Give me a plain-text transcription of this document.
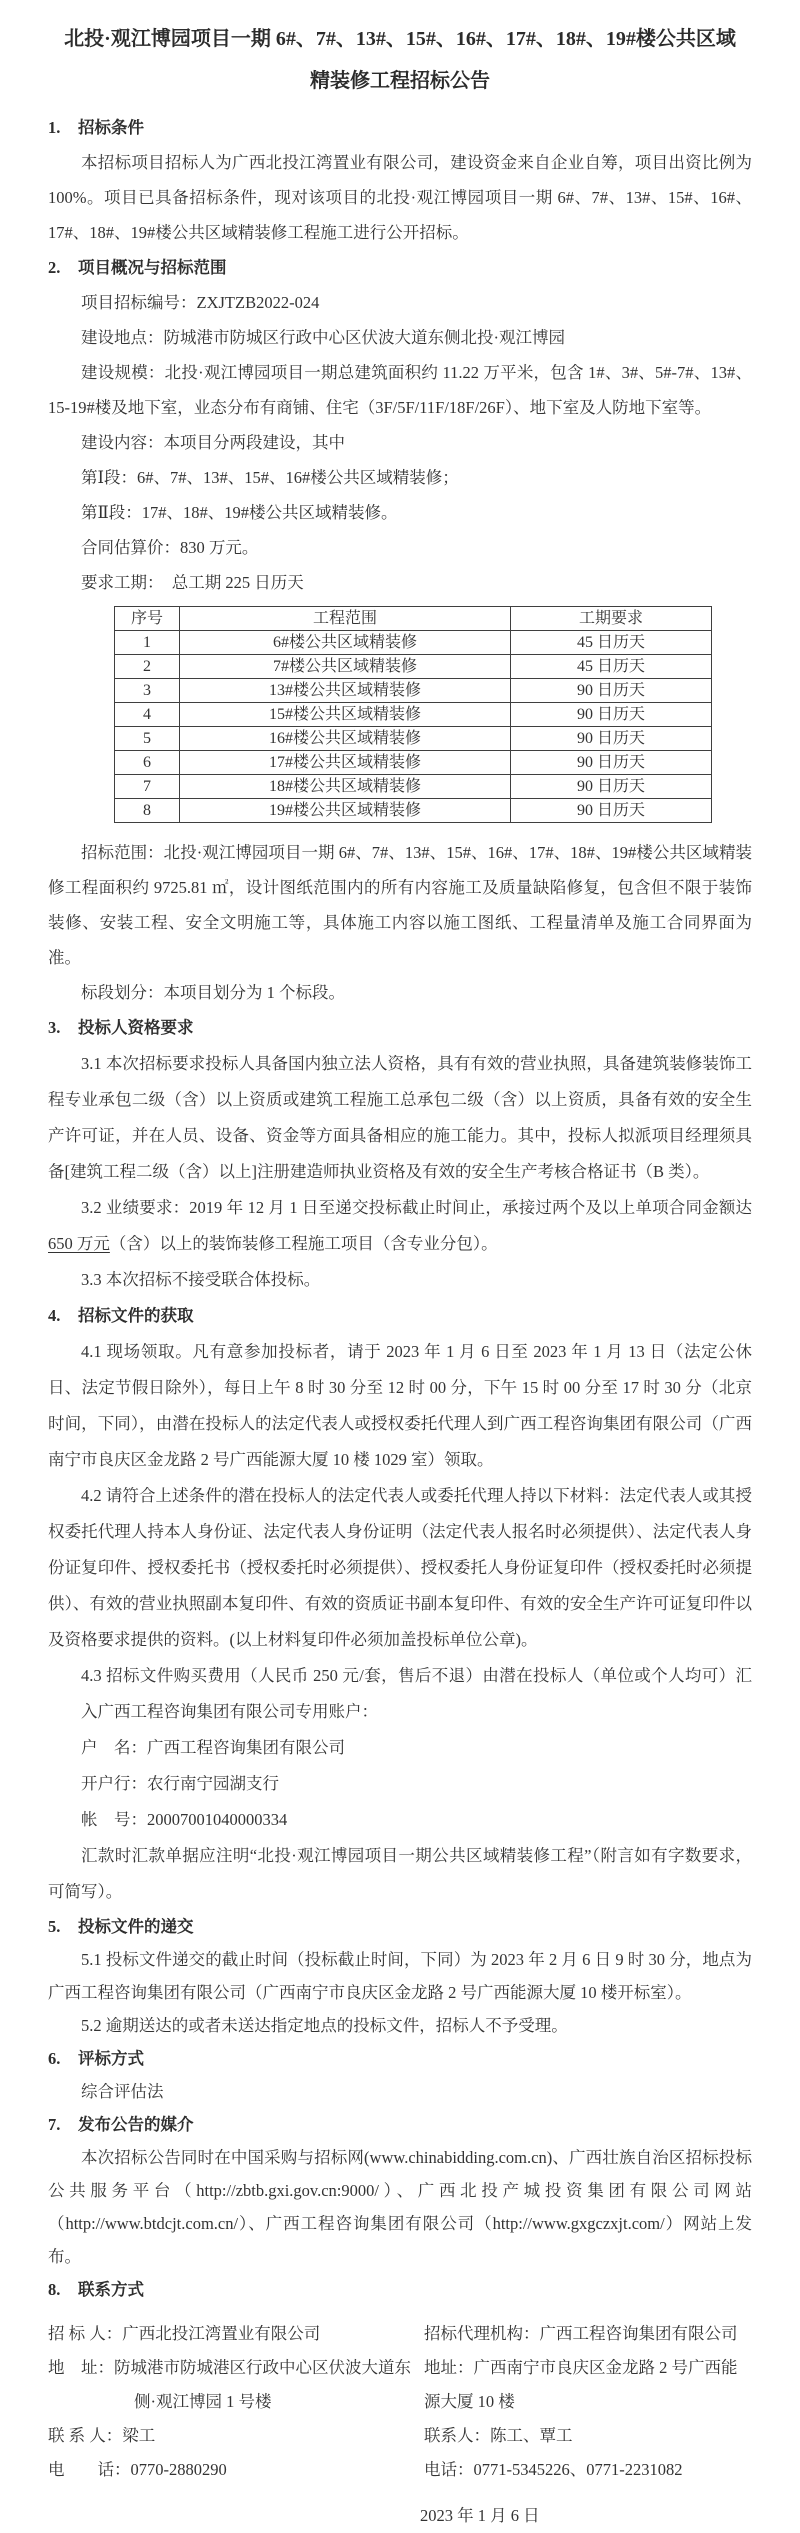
北投·观江博园项目一期 6#、7#、13#、15#、16#、17#、18#、19#楼公共区域精装修工程招标公告
1.	招标条件

本招标项目招标人为广西北投江湾置业有限公司，建设资金来自企业自筹，项目出资比例为 100%。项目已具备招标条件，现对该项目的北投·观江博园项目一期 6#、7#、13#、15#、16#、17#、18#、19#楼公共区域精装修工程施工进行公开招标。

2.	项目概况与招标范围

项目招标编号：ZXJTZB2022-024

建设地点：防城港市防城区行政中心区伏波大道东侧北投·观江博园

建设规模：北投·观江博园项目一期总建筑面积约 11.22 万平米，包含 1#、3#、5#-7#、13#、15-19#楼及地下室，业态分布有商铺、住宅（3F/5F/11F/18F/26F）、地下室及人防地下室等。

建设内容：本项目分两段建设，其中

第Ⅰ段：6#、7#、13#、15#、16#楼公共区域精装修；

第Ⅱ段：17#、18#、19#楼公共区域精装修。

合同估算价：830 万元。

要求工期：　总工期 225 日历天

序号	工程范围	工期要求
1	6#楼公共区域精装修	45 日历天
2	7#楼公共区域精装修	45 日历天
3	13#楼公共区域精装修	90 日历天
4	15#楼公共区域精装修	90 日历天
5	16#楼公共区域精装修	90 日历天
6	17#楼公共区域精装修	90 日历天
7	18#楼公共区域精装修	90 日历天
8	19#楼公共区域精装修	90 日历天

招标范围：北投·观江博园项目一期 6#、7#、13#、15#、16#、17#、18#、19#楼公共区域精装修工程面积约 9725.81 ㎡，设计图纸范围内的所有内容施工及质量缺陷修复，包含但不限于装饰装修、安装工程、安全文明施工等，具体施工内容以施工图纸、工程量清单及施工合同界面为准。

标段划分：本项目划分为 1 个标段。

3.	投标人资格要求

3.1 本次招标要求投标人具备国内独立法人资格，具有有效的营业执照，具备建筑装修装饰工程专业承包二级（含）以上资质或建筑工程施工总承包二级（含）以上资质，具备有效的安全生产许可证，并在人员、设备、资金等方面具备相应的施工能力。其中，投标人拟派项目经理须具备[建筑工程二级（含）以上]注册建造师执业资格及有效的安全生产考核合格证书（B 类）。

3.2 业绩要求：2019 年 12 月 1 日至递交投标截止时间止，承接过两个及以上单项合同金额达 650 万元（含）以上的装饰装修工程施工项目（含专业分包）。

3.3 本次招标不接受联合体投标。

4.	招标文件的获取

4.1 现场领取。凡有意参加投标者，请于 2023 年 1 月 6 日至 2023 年 1 月 13 日（法定公休日、法定节假日除外），每日上午 8 时 30 分至 12 时 00 分，下午 15 时 00 分至 17 时 30 分（北京时间，下同），由潜在投标人的法定代表人或授权委托代理人到广西工程咨询集团有限公司（广西南宁市良庆区金龙路 2 号广西能源大厦 10 楼 1029 室）领取。

4.2 请符合上述条件的潜在投标人的法定代表人或委托代理人持以下材料：法定代表人或其授权委托代理人持本人身份证、法定代表人身份证明（法定代表人报名时必须提供）、法定代表人身份证复印件、授权委托书（授权委托时必须提供）、授权委托人身份证复印件（授权委托时必须提供）、有效的营业执照副本复印件、有效的资质证书副本复印件、有效的安全生产许可证复印件以及资格要求提供的资料。(以上材料复印件必须加盖投标单位公章)。

4.3 招标文件购买费用（人民币 250 元/套，售后不退）由潜在投标人（单位或个人均可）汇入广西工程咨询集团有限公司专用账户：

户　名：广西工程咨询集团有限公司

开户行：农行南宁园湖支行

帐　号：20007001040000334

汇款时汇款单据应注明“北投·观江博园项目一期公共区域精装修工程”（附言如有字数要求，可简写）。

5.	投标文件的递交

5.1 投标文件递交的截止时间（投标截止时间，下同）为 2023 年 2 月 6 日 9 时 30 分，地点为广西工程咨询集团有限公司（广西南宁市良庆区金龙路 2 号广西能源大厦 10 楼开标室）。

5.2 逾期送达的或者未送达指定地点的投标文件，招标人不予受理。

6.	评标方式

综合评估法

7.	发布公告的媒介

本次招标公告同时在中国采购与招标网(www.chinabidding.com.cn)、广西壮族自治区招标投标公共服务平台（http://zbtb.gxi.gov.cn:9000/）、广西北投产城投资集团有限公司网站（http://www.btdcjt.com.cn/）、广西工程咨询集团有限公司（http://www.gxgczxjt.com/）网站上发布。

8.	联系方式

招 标 人：广西北投江湾置业有限公司

地　址：防城港市防城港区行政中心区伏波大道东侧·观江博园 1 号楼

联 系 人：梁工

电　　话：0770-2880290

招标代理机构：广西工程咨询集团有限公司

地址：广西南宁市良庆区金龙路 2 号广西能源大厦 10 楼

联系人：陈工、覃工

电话：0771-5345226、0771-2231082

2023 年 1 月 6 日
